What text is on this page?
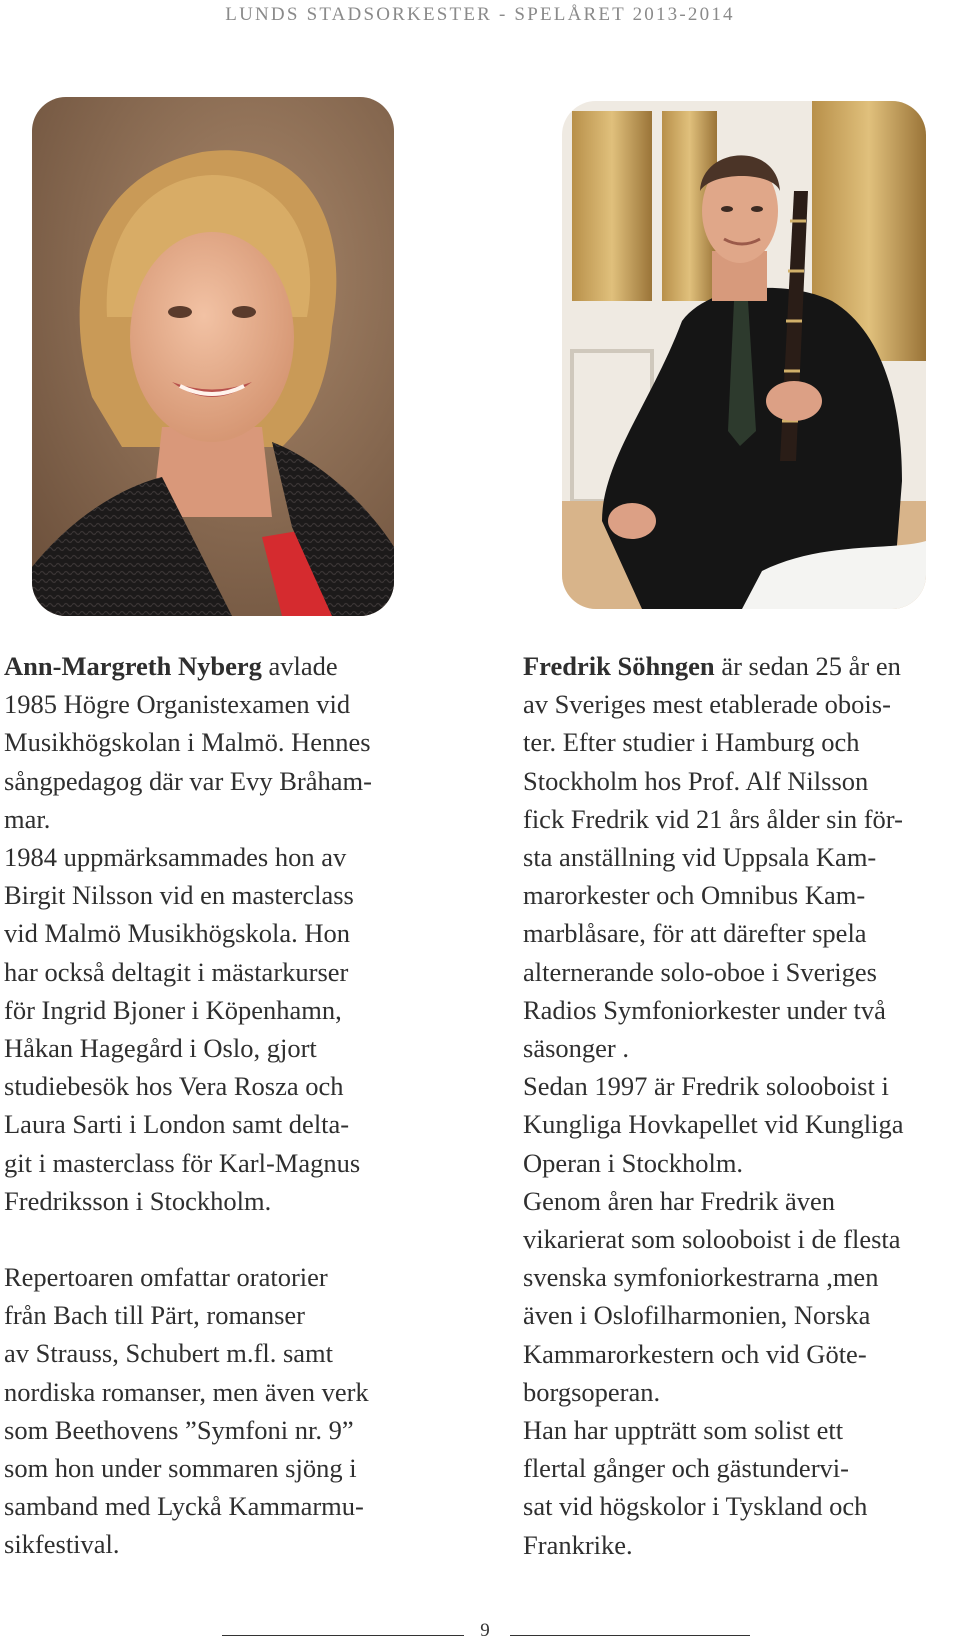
LUNDS STADSORKESTER - SPELÅRET 2013-2014

Ann-Margreth Nyberg avlade
1985 Högre Organistexamen vid
Musikhögskolan i Malmö. Hennes
sångpedagog där var Evy Bråham-
mar.
1984 uppmärksammades hon av
Birgit Nilsson vid en masterclass
vid Malmö Musikhögskola. Hon
har också deltagit i mästarkurser
för Ingrid Bjoner i Köpenhamn,
Håkan Hagegård i Oslo, gjort
studiebesök hos Vera Rosza och
Laura Sarti i London samt delta-
git i masterclass för Karl-Magnus
Fredriksson i Stockholm.

Repertoaren omfattar oratorier
från Bach till Pärt, romanser
av Strauss, Schubert m.fl. samt
nordiska romanser, men även verk
som Beethovens ”Symfoni nr. 9”
som hon under sommaren sjöng i
samband med Lyckå Kammarmu-
sikfestival.

Fredrik Söhngen är sedan 25 år en
av Sveriges mest etablerade obois-
ter. Efter studier i Hamburg och
Stockholm hos Prof. Alf Nilsson
fick Fredrik vid 21 års ålder sin för-
sta anställning vid Uppsala Kam-
marorkester och Omnibus Kam-
marblåsare, för att därefter spela
alternerande solo-oboe i Sveriges
Radios Symfoniorkester under två
säsonger .
Sedan 1997 är Fredrik solooboist i
Kungliga Hovkapellet vid Kungliga
Operan i Stockholm.
Genom åren har Fredrik även
vikarierat som solooboist i de flesta
svenska symfoniorkestrarna ,men
även i Oslofilharmonien, Norska
Kammarorkestern och vid Göte-
borgsoperan.
Han har uppträtt som solist ett
flertal gånger och gästundervi-
sat vid högskolor i Tyskland och
Frankrike.

9
